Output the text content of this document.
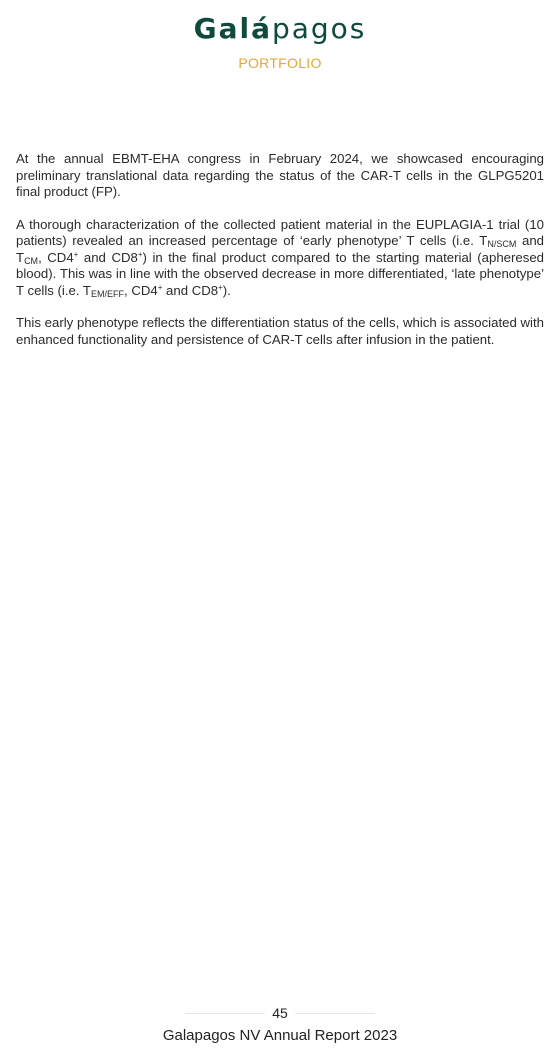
Galápagos
PORTFOLIO

At the annual EBMT-EHA congress in February 2024, we showcased encouraging preliminary translational data regarding the status of the CAR-T cells in the GLPG5201 final product (FP).

A thorough characterization of the collected patient material in the EUPLAGIA-1 trial (10 patients) revealed an increased percentage of ‘early phenotype’ T cells (i.e. $T_{N/SCM}$ and $T_{CM}$, CD4+ and CD8+) in the final product compared to the starting material (apheresed blood). This was in line with the observed decrease in more differentiated, ‘late phenotype’ T cells (i.e. $T_{EM/EFF}$, CD4+ and CD8+).

This early phenotype reflects the differentiation status of the cells, which is associated with enhanced functionality and persistence of CAR-T cells after infusion in the patient.

45
Galapagos NV Annual Report 2023
